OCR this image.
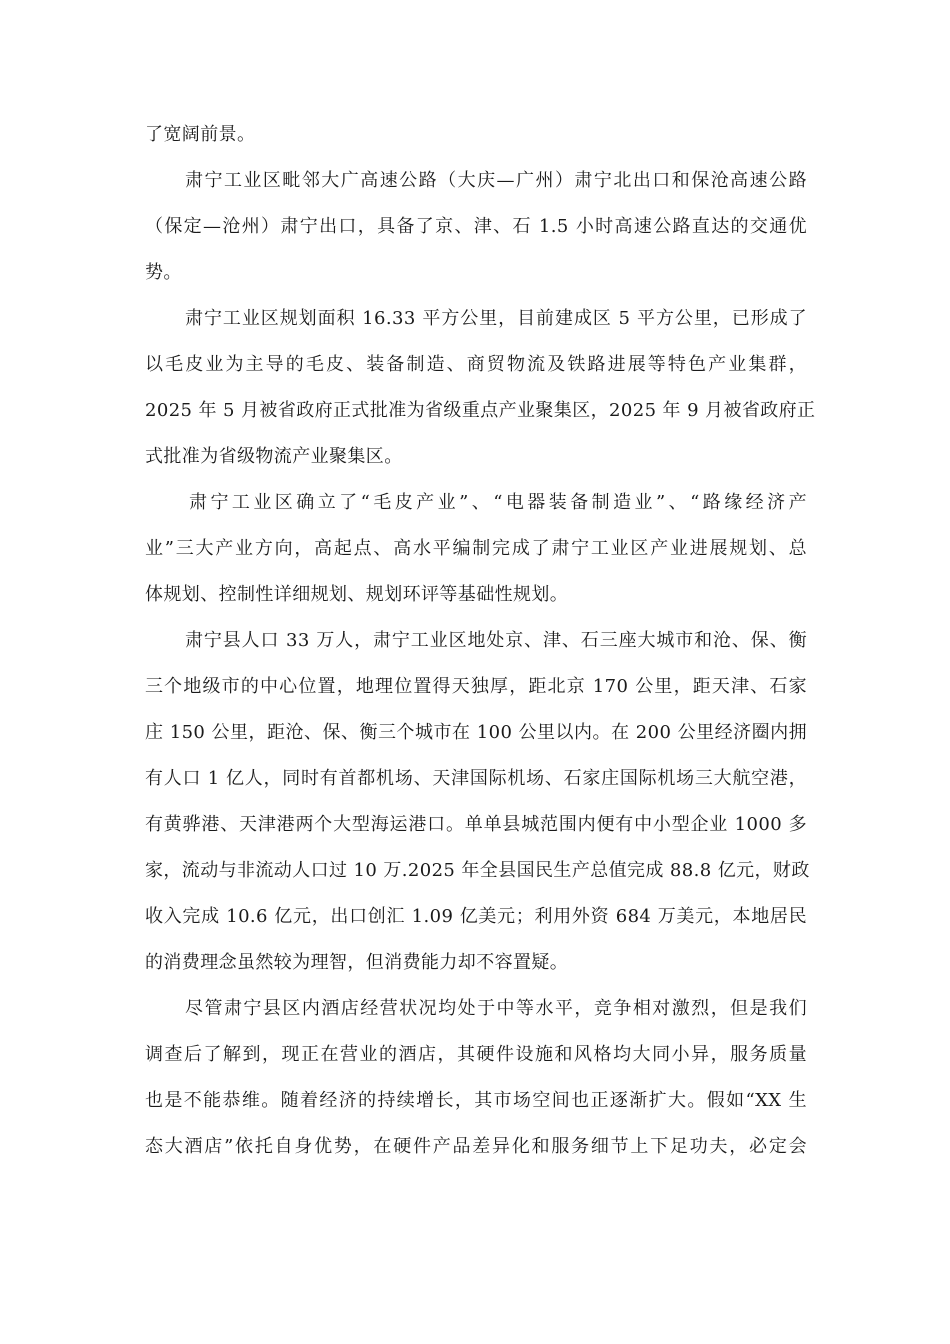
了宽阔前景。
肃宁工业区毗邻大广高速公路（大庆—广州）肃宁北出口和保沧高速公路
（保定—沧州）肃宁出口，具备了京、津、石 1.5 小时高速公路直达的交通优
势。
肃宁工业区规划面积 16.33 平方公里，目前建成区 5 平方公里，已形成了
以毛皮业为主导的毛皮、装备制造、商贸物流及铁路进展等特色产业集群，
2025 年 5 月被省政府正式批准为省级重点产业聚集区，2025 年 9 月被省政府正
式批准为省级物流产业聚集区。
肃宁工业区确立了“毛皮产业”、“电器装备制造业”、“路缘经济产
业”三大产业方向，高起点、高水平编制完成了肃宁工业区产业进展规划、总
体规划、控制性详细规划、规划环评等基础性规划。
肃宁县人口 33 万人，肃宁工业区地处京、津、石三座大城市和沧、保、衡
三个地级市的中心位置，地理位置得天独厚，距北京 170 公里，距天津、石家
庄 150 公里，距沧、保、衡三个城市在 100 公里以内。在 200 公里经济圈内拥
有人口 1 亿人，同时有首都机场、天津国际机场、石家庄国际机场三大航空港，
有黄骅港、天津港两个大型海运港口。单单县城范围内便有中小型企业 1000 多
家，流动与非流动人口过 10 万.2025 年全县国民生产总值完成 88.8 亿元，财政
收入完成 10.6 亿元，出口创汇 1.09 亿美元；利用外资 684 万美元，本地居民
的消费理念虽然较为理智，但消费能力却不容置疑。
尽管肃宁县区内酒店经营状况均处于中等水平，竞争相对激烈，但是我们
调查后了解到，现正在营业的酒店，其硬件设施和风格均大同小异，服务质量
也是不能恭维。随着经济的持续增长，其市场空间也正逐渐扩大。假如“XX 生
态大酒店”依托自身优势，在硬件产品差异化和服务细节上下足功夫，必定会
